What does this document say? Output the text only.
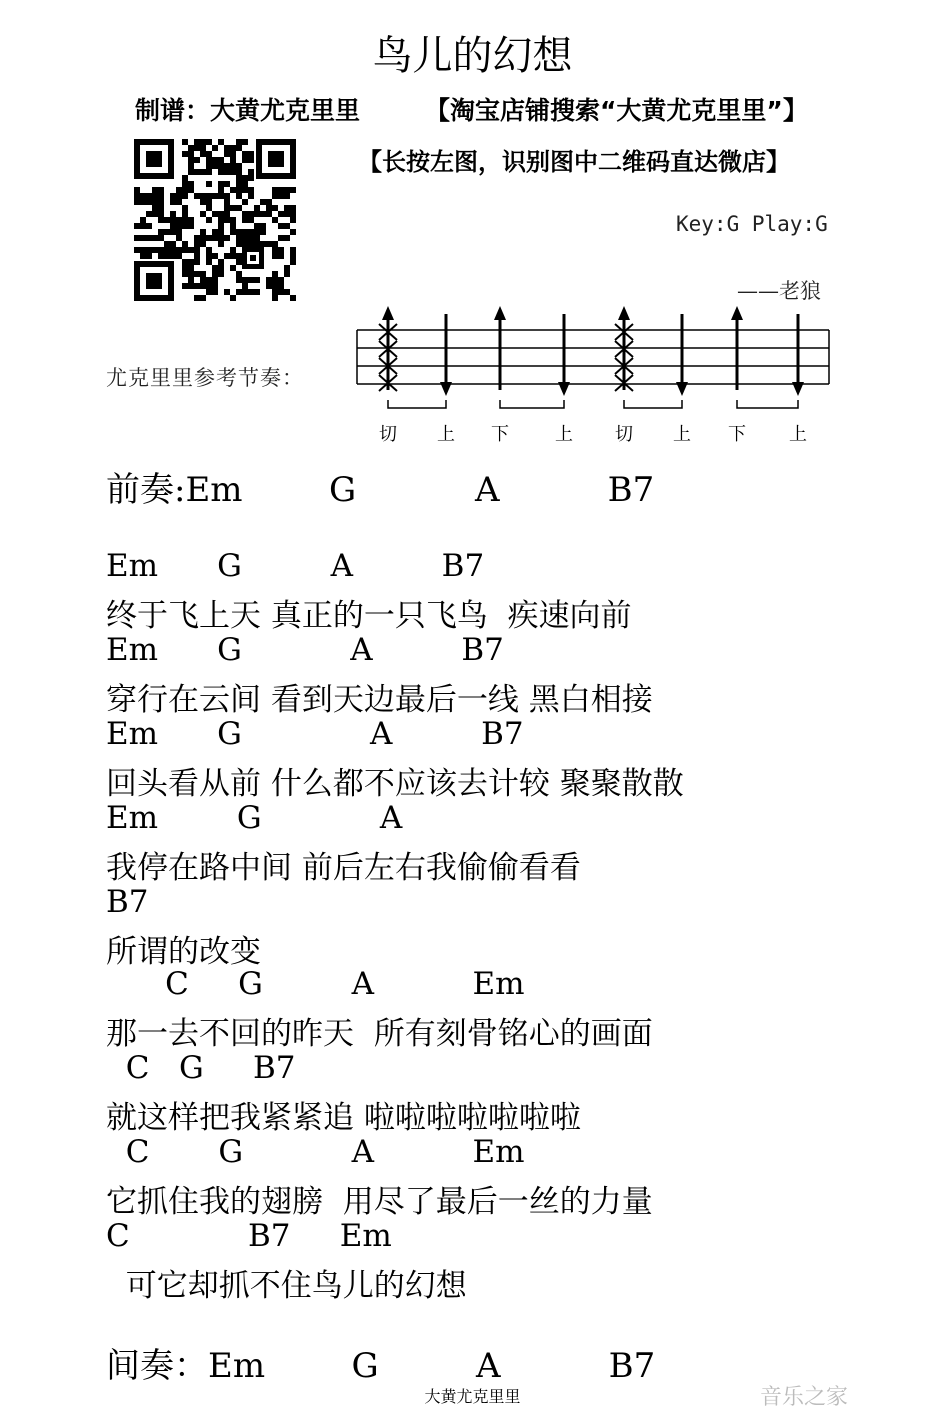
鸟儿的幻想
制谱：大黄尤克里里	【淘宝店铺搜索“大黄尤克里里”】
【长按左图，识别图中二维码直达微店】
Key:G Play:G
——老狼
尤克里里参考节奏：
切 上 下	上 切 上 下 上
前奏:Em        G           A          B7
Em      G         A         B7
终于飞上天 真正的一只飞鸟  疾速向前
Em      G           A         B7
穿行在云间 看到天边最后一线 黑白相接
Em      G             A         B7
回头看从前 什么都不应该去计较 聚聚散散
Em        G            A
我停在路中间 前后左右我偷偷看看
B7
所谓的改变
C     G         A          Em
那一去不回的昨天  所有刻骨铭心的画面
C   G     B7
就这样把我紧紧追 啦啦啦啦啦啦啦
C       G           A          Em
它抓住我的翅膀  用尽了最后一丝的力量
C            B7     Em
可它却抓不住鸟儿的幻想
间奏：Em        G         A          B7
大黄尤克里里	音乐之家
